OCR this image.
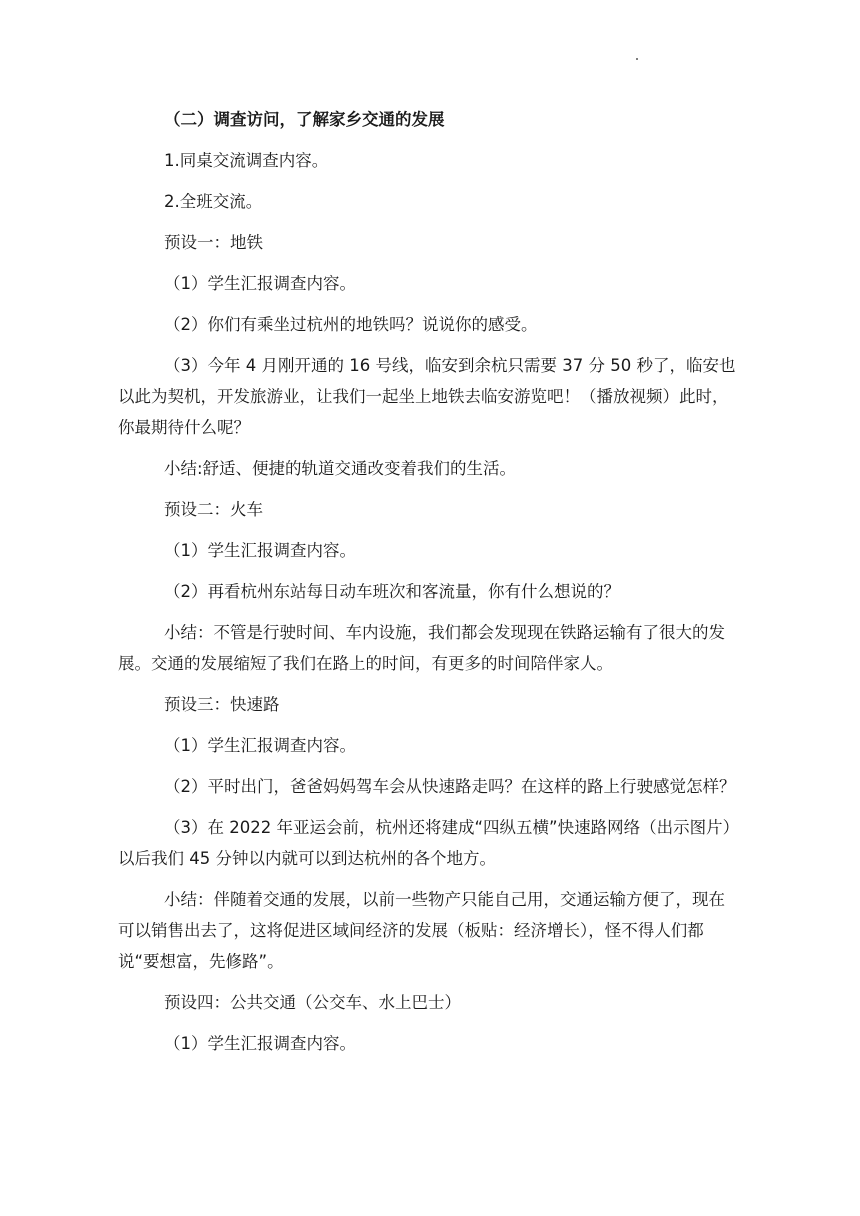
（二）调查访问，了解家乡交通的发展

1.同桌交流调查内容。

2.全班交流。

预设一：地铁

（1）学生汇报调查内容。

（2）你们有乘坐过杭州的地铁吗？说说你的感受。

（3）今年 4 月刚开通的 16 号线，临安到余杭只需要 37 分 50 秒了，临安也以此为契机，开发旅游业，让我们一起坐上地铁去临安游览吧！（播放视频）此时，你最期待什么呢？

小结:舒适、便捷的轨道交通改变着我们的生活。

预设二：火车

（1）学生汇报调查内容。

（2）再看杭州东站每日动车班次和客流量，你有什么想说的？

小结：不管是行驶时间、车内设施，我们都会发现现在铁路运输有了很大的发展。交通的发展缩短了我们在路上的时间，有更多的时间陪伴家人。

预设三：快速路

（1）学生汇报调查内容。

（2）平时出门，爸爸妈妈驾车会从快速路走吗？在这样的路上行驶感觉怎样？

（3）在 2022 年亚运会前，杭州还将建成“四纵五横”快速路网络（出示图片）以后我们 45 分钟以内就可以到达杭州的各个地方。

小结：伴随着交通的发展，以前一些物产只能自己用，交通运输方便了，现在可以销售出去了，这将促进区域间经济的发展（板贴：经济增长），怪不得人们都说“要想富，先修路”。

预设四：公共交通（公交车、水上巴士）

（1）学生汇报调查内容。
